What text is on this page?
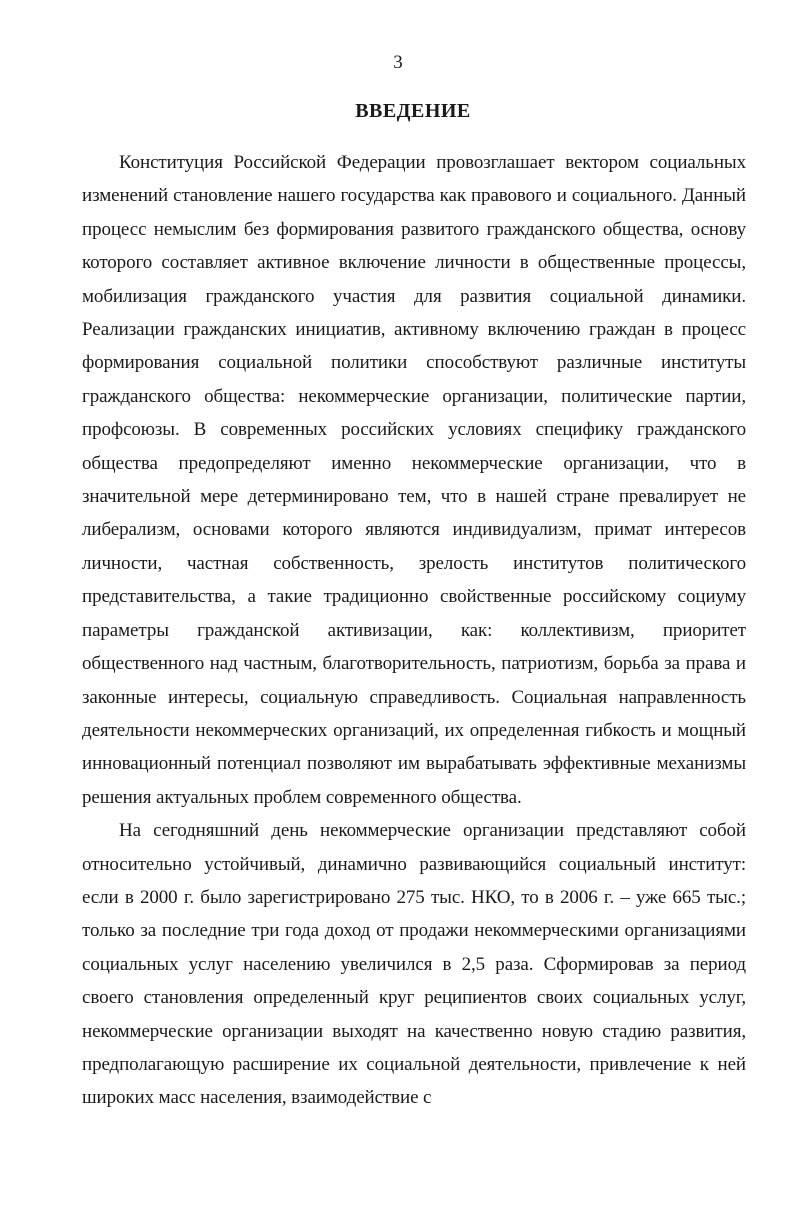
3
ВВЕДЕНИЕ

Конституция Российской Федерации провозглашает вектором социальных изменений становление нашего государства как правового и социального. Данный процесс немыслим без формирования развитого гражданского общества, основу которого составляет активное включение личности в общественные процессы, мобилизация гражданского участия для развития социальной динамики. Реализации гражданских инициатив, активному включению граждан в процесс формирования социальной политики способствуют различные институты гражданского общества: некоммерческие организации, политические партии, профсоюзы. В современных российских условиях специфику гражданского общества предопределяют именно некоммерческие организации, что в значительной мере детерминировано тем, что в нашей стране превалирует не либерализм, основами которого являются индивидуализм, примат интересов личности, частная собственность, зрелость институтов политического представительства, а такие традиционно свойственные российскому социуму параметры гражданской активизации, как: коллективизм, приоритет общественного над частным, благотворительность, патриотизм, борьба за права и законные интересы, социальную справедливость. Социальная направленность деятельности некоммерческих организаций, их определенная гибкость и мощный инновационный потенциал позволяют им вырабатывать эффективные механизмы решения актуальных проблем современного общества.

На сегодняшний день некоммерческие организации представляют собой относительно устойчивый, динамично развивающийся социальный институт: если в 2000 г. было зарегистрировано 275 тыс. НКО, то в 2006 г. – уже 665 тыс.; только за последние три года доход от продажи некоммерческими организациями социальных услуг населению увеличился в 2,5 раза. Сформировав за период своего становления определенный круг реципиентов своих социальных услуг, некоммерческие организации выходят на качественно новую стадию развития, предполагающую расширение их социальной деятельности, привлечение к ней широких масс населения, взаимодействие с
